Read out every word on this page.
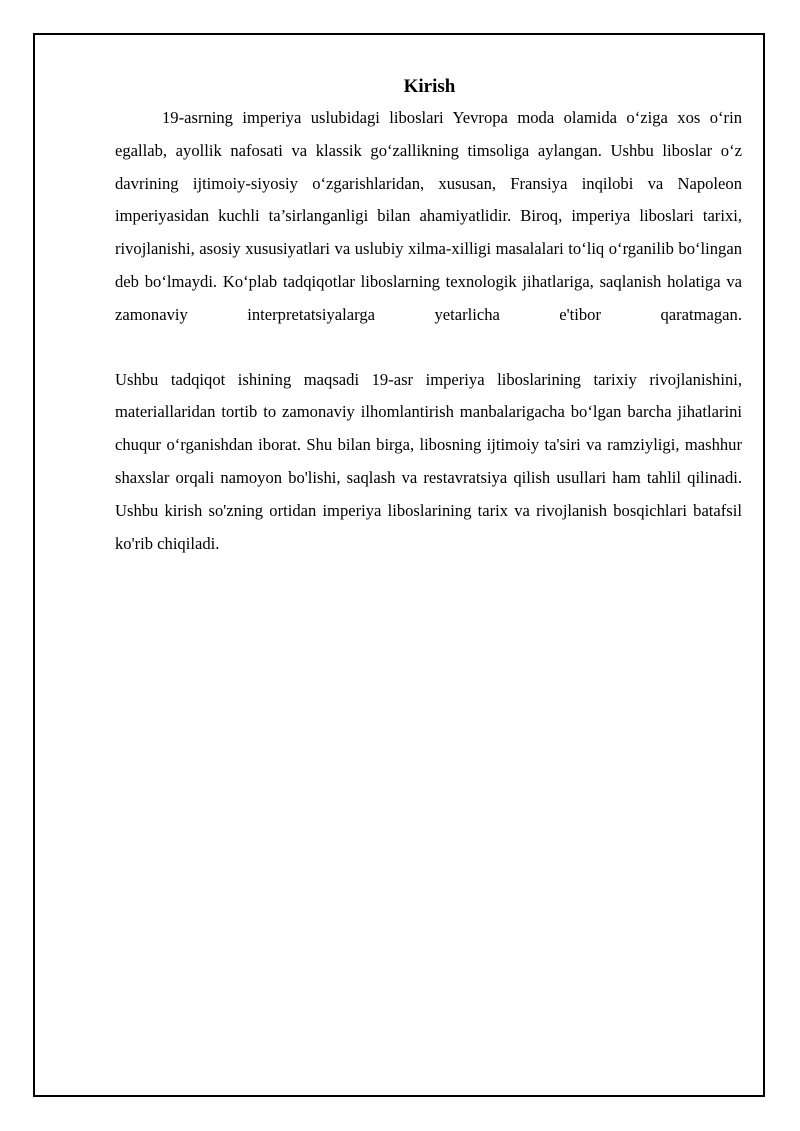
Kirish

19-asrning imperiya uslubidagi liboslari Yevropa moda olamida o‘ziga xos o‘rin egallab, ayollik nafosati va klassik go‘zallikning timsoliga aylangan. Ushbu liboslar o‘z davrining ijtimoiy-siyosiy o‘zgarishlaridan, xususan, Fransiya inqilobi va Napoleon imperiyasidan kuchli ta’sirlanganligi bilan ahamiyatlidir. Biroq, imperiya liboslari tarixi, rivojlanishi, asosiy xususiyatlari va uslubiy xilma-xilligi masalalari to‘liq o‘rganilib bo‘lingan deb bo‘lmaydi. Ko‘plab tadqiqotlar liboslarning texnologik jihatlariga, saqlanish holatiga va zamonaviy interpretatsiyalarga yetarlicha e'tibor qaratmagan.

Ushbu tadqiqot ishining maqsadi 19-asr imperiya liboslarining tarixiy rivojlanishini, materiallaridan tortib to zamonaviy ilhomlantirish manbalarigacha bo‘lgan barcha jihatlarini chuqur o‘rganishdan iborat. Shu bilan birga, libosning ijtimoiy ta'siri va ramziyligi, mashhur shaxslar orqali namoyon bo'lishi, saqlash va restavratsiya qilish usullari ham tahlil qilinadi. Ushbu kirish so'zning ortidan imperiya liboslarining tarix va rivojlanish bosqichlari batafsil ko'rib chiqiladi.
